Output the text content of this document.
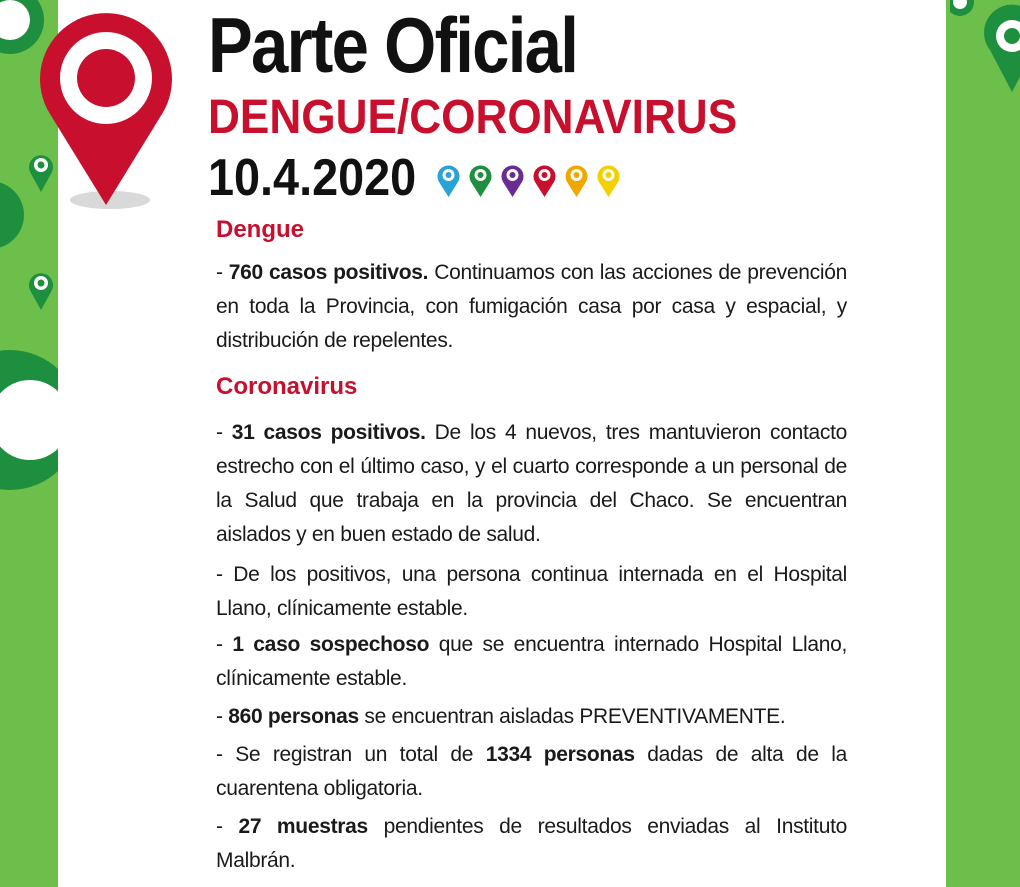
Parte Oficial
DENGUE/CORONAVIRUS
10.4.2020
Dengue

- 760 casos positivos. Continuamos con las acciones de prevención en toda la Provincia, con fumigación casa por casa y espacial, y distribución de repelentes.

Coronavirus

- 31 casos positivos. De los 4 nuevos, tres mantuvieron contacto estrecho con el último caso, y el cuarto corresponde a un personal de la Salud que trabaja en la provincia del Chaco. Se encuentran aislados y en buen estado de salud.

- De los positivos, una persona continua internada en el Hospital Llano, clínicamente estable.

- 1 caso sospechoso que se encuentra internado Hospital Llano, clínicamente estable.

- 860 personas se encuentran aisladas PREVENTIVAMENTE.

- Se registran un total de 1334 personas dadas de alta de la cuarentena obligatoria.

- 27 muestras pendientes de resultados enviadas al Instituto Malbrán.
